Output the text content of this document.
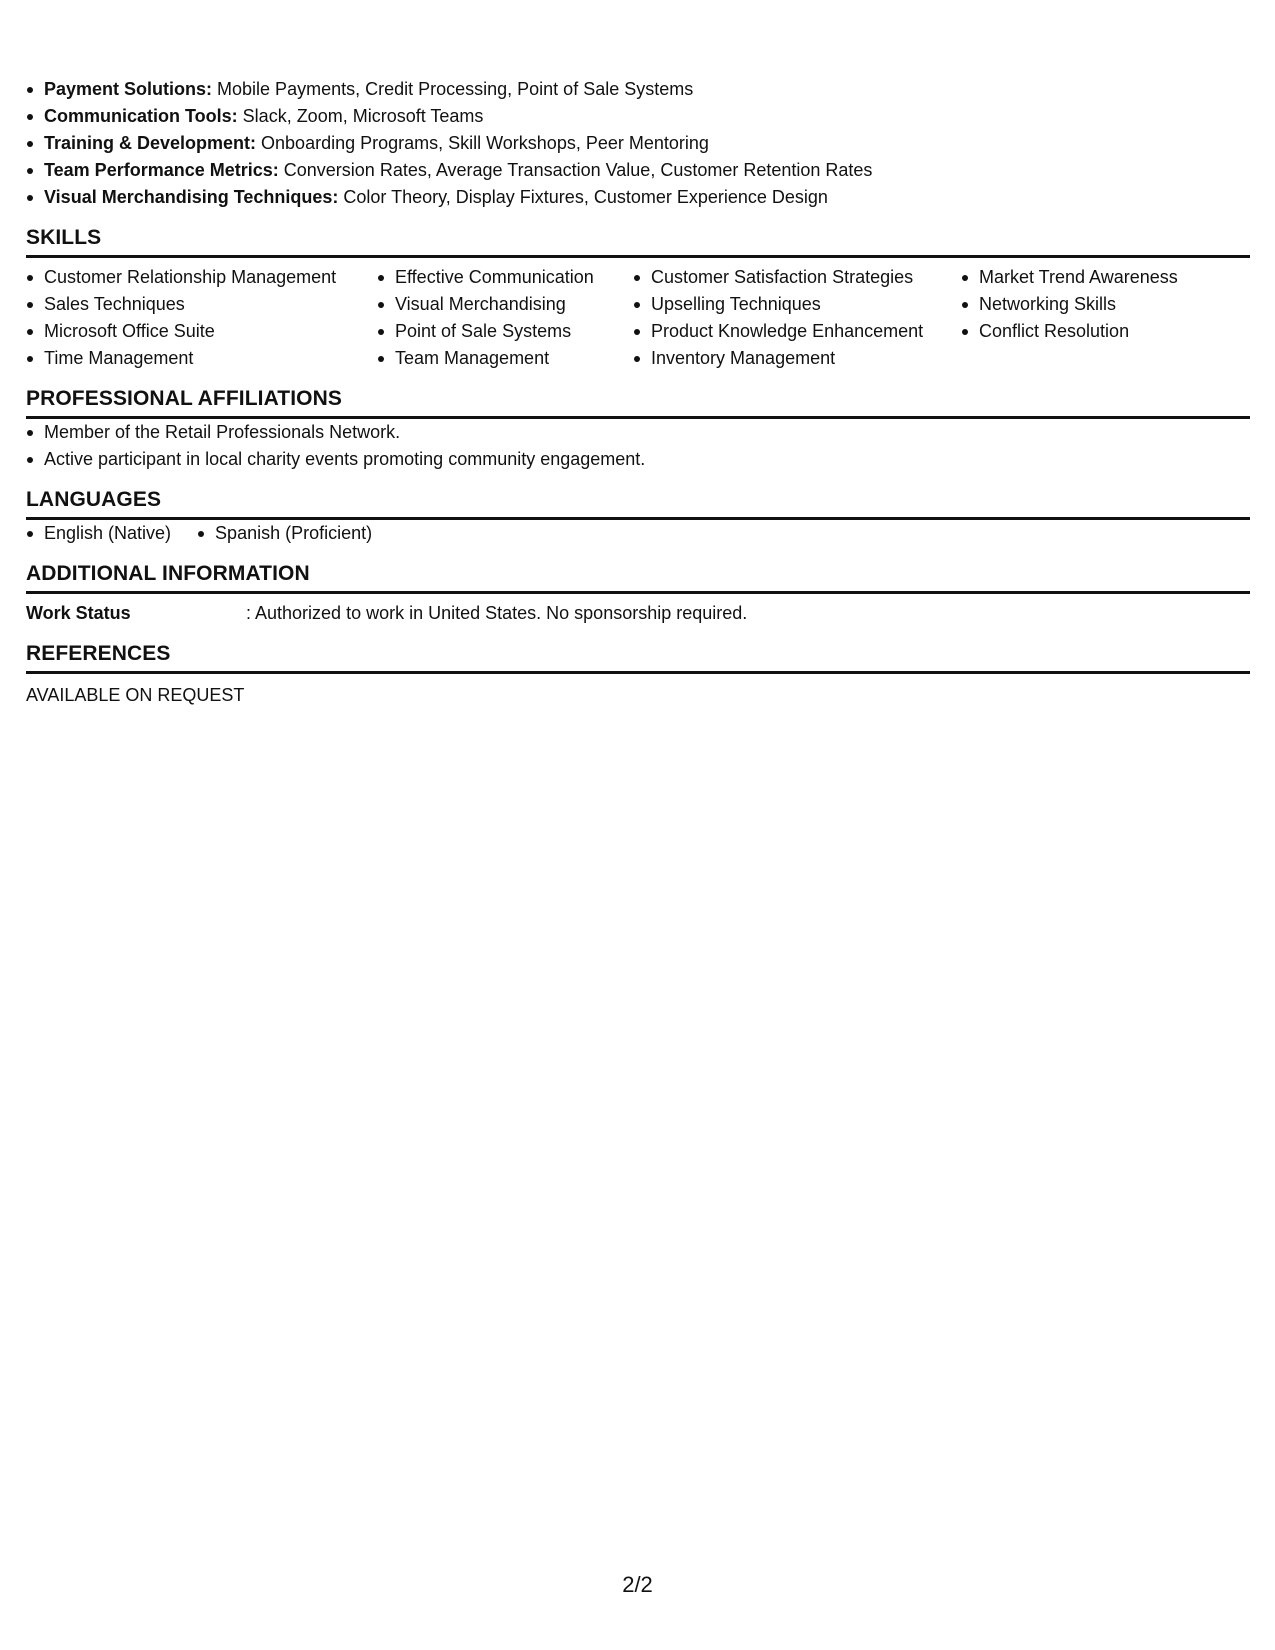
Payment Solutions: Mobile Payments, Credit Processing, Point of Sale Systems
Communication Tools: Slack, Zoom, Microsoft Teams
Training & Development: Onboarding Programs, Skill Workshops, Peer Mentoring
Team Performance Metrics: Conversion Rates, Average Transaction Value, Customer Retention Rates
Visual Merchandising Techniques: Color Theory, Display Fixtures, Customer Experience Design
SKILLS
Customer Relationship Management
Sales Techniques
Microsoft Office Suite
Time Management
Effective Communication
Visual Merchandising
Point of Sale Systems
Team Management
Customer Satisfaction Strategies
Upselling Techniques
Product Knowledge Enhancement
Inventory Management
Market Trend Awareness
Networking Skills
Conflict Resolution
PROFESSIONAL AFFILIATIONS
Member of the Retail Professionals Network.
Active participant in local charity events promoting community engagement.
LANGUAGES
English (Native)	Spanish (Proficient)
ADDITIONAL INFORMATION
Work Status	: Authorized to work in United States. No sponsorship required.
REFERENCES
AVAILABLE ON REQUEST
2/2
